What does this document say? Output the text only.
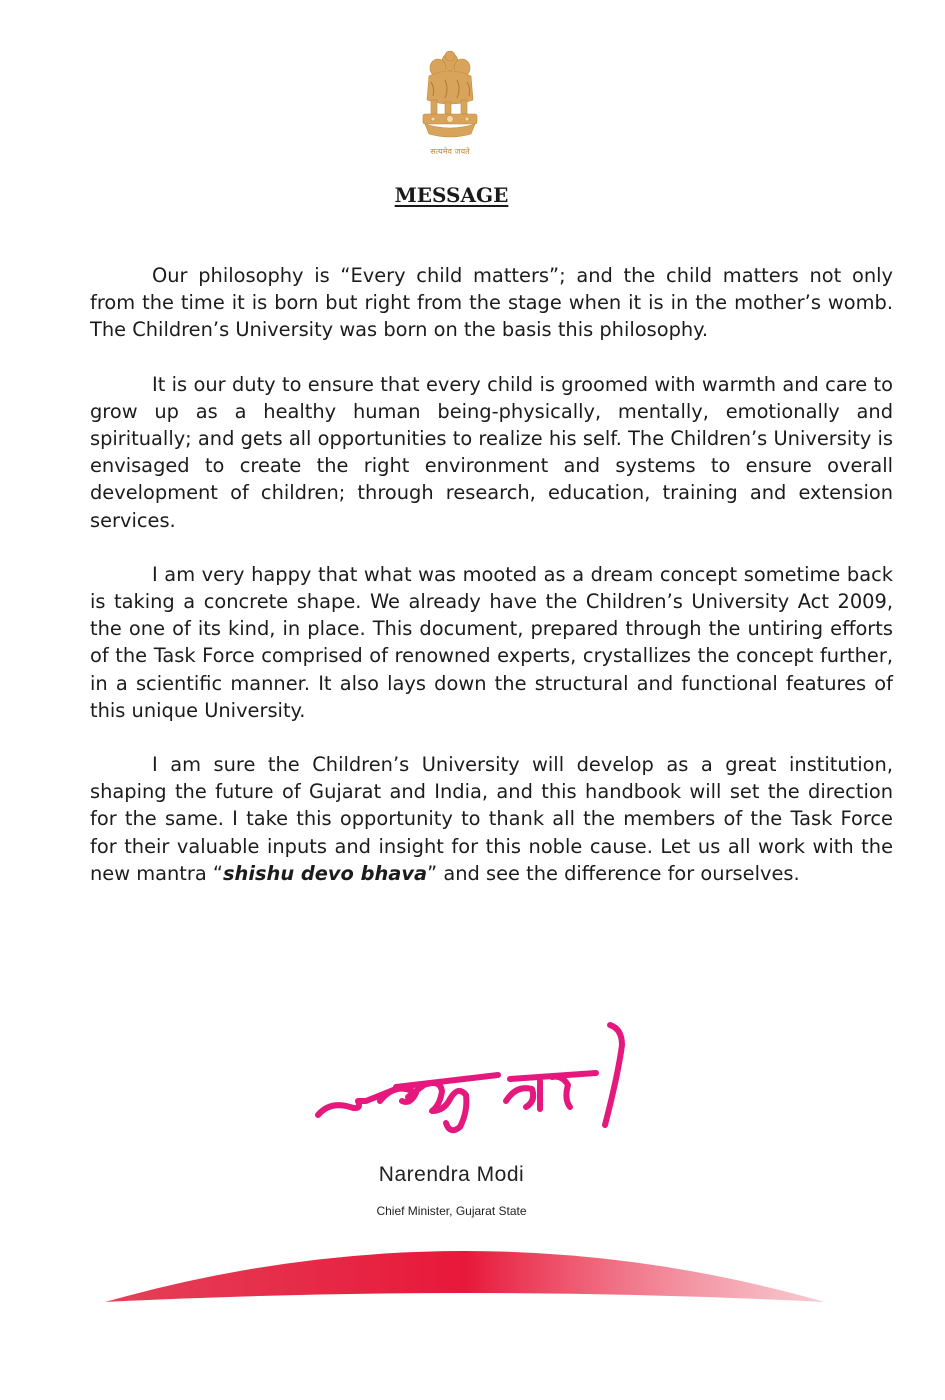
सत्यमेव जयते
MESSAGE

Our philosophy is “Every child matters”; and the child matters not only from the time it is born but right from the stage when it is in the mother’s womb. The Children’s University was born on the basis this philosophy.

It is our duty to ensure that every child is groomed with warmth and care to grow up as a healthy human being-physically, mentally, emotionally and spiritually; and gets all opportunities to realize his self. The Children’s University is envisaged to create the right environment and systems to ensure overall development of children; through research, education, training and extension services.

I am very happy that what was mooted as a dream concept sometime back is taking a concrete shape. We already have the Children’s University Act 2009, the one of its kind, in place. This document, prepared through the untiring efforts of the Task Force comprised of renowned experts, crystallizes the concept further, in a scientific manner. It also lays down the structural and functional features of this unique University.

I am sure the Children’s University will develop as a great institution, shaping the future of Gujarat and India, and this handbook will set the direction for the same. I take this opportunity to thank all the members of the Task Force for their valuable inputs and insight for this noble cause. Let us all work with the new mantra “shishu devo bhava” and see the difference for ourselves.

Narendra Modi
Chief Minister, Gujarat State
